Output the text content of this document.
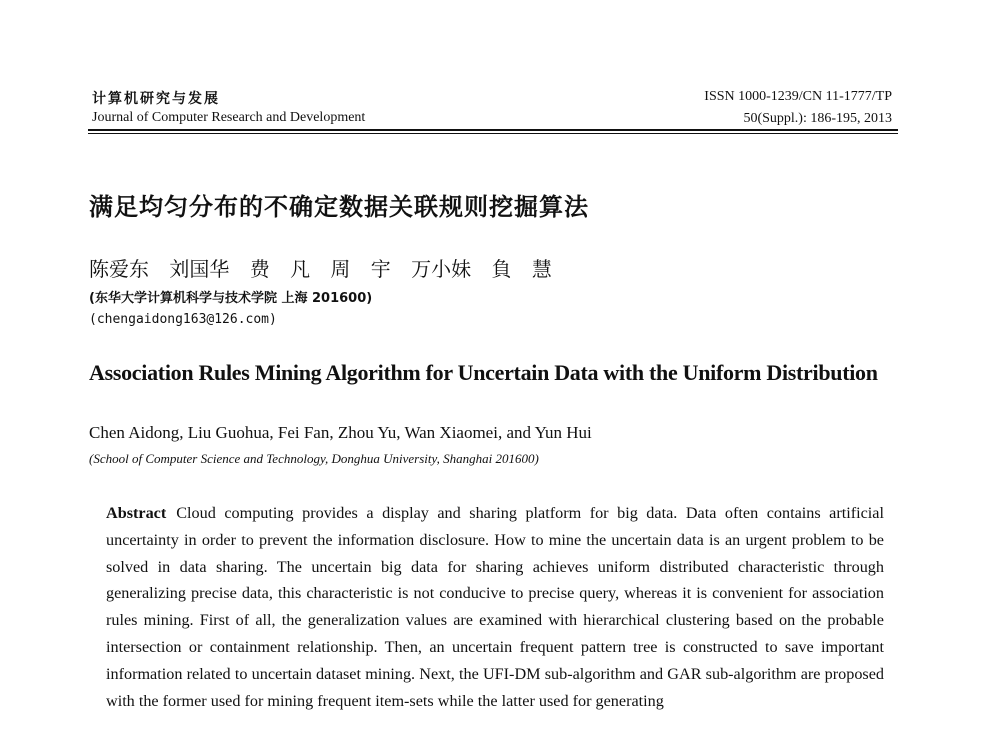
计算机研究与发展
Journal of Computer Research and Development
ISSN 1000-1239/CN 11-1777/TP
50(Suppl.): 186-195, 2013
满足均匀分布的不确定数据关联规则挖掘算法
陈爱东 刘国华 费 凡 周 宇 万小妹 負 慧
(东华大学计算机科学与技术学院 上海 201600)
(chengaidong163@126.com)
Association Rules Mining Algorithm for Uncertain Data with the Uniform Distribution
Chen Aidong, Liu Guohua, Fei Fan, Zhou Yu, Wan Xiaomei, and Yun Hui
(School of Computer Science and Technology, Donghua University, Shanghai 201600)
Abstract Cloud computing provides a display and sharing platform for big data. Data often contains artificial uncertainty in order to prevent the information disclosure. How to mine the uncertain data is an urgent problem to be solved in data sharing. The uncertain big data for sharing achieves uniform distributed characteristic through generalizing precise data, this characteristic is not conducive to precise query, whereas it is convenient for association rules mining. First of all, the generalization values are examined with hierarchical clustering based on the probable intersection or containment relationship. Then, an uncertain frequent pattern tree is constructed to save important information related to uncertain dataset mining. Next, the UFI-DM sub-algorithm and GAR sub-algorithm are proposed with the former used for mining frequent item-sets while the latter used for generating
